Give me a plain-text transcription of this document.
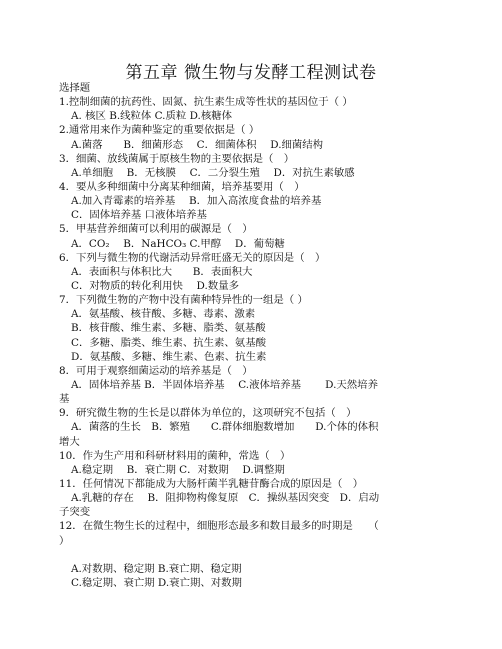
第五章 微生物与发酵工程测试卷
选择题
1.控制细菌的抗药性、固氮、抗生素生成等性状的基因位于（ ）
A. 核区 B.线粒体 C.质粒 D.核糖体
2.通常用来作为菌种鉴定的重要依据是（ ）
A.菌落　　B．细菌形态　 C．细菌体积　 D.细菌结构
3．细菌、放线菌属于原核生物的主要依据是（　）
A.单细胞　 B．无核膜　 C．二分裂生殖　 D．对抗生素敏感
4．要从多种细菌中分离某种细菌，培养基要用（　）
A.加入青霉素的培养基　 B．加入高浓度食盐的培养基
C．固体培养基 口液体培养基
5．甲基营养细菌可以利用的碳源是（　）
A．CO₂　 B．NaHCO₃ C.甲醇　 D．葡萄糖
6．下列与微生物的代谢活动异常旺盛无关的原因是（　）
A．表面积与体积比大　　B．表面积大
C．对物质的转化利用快　 D.数量多
7．下列微生物的产物中没有菌种特异性的一组是（ ）
A．氨基酸、核苷酸、多糖、毒素、激素
B．核苷酸、维生素、多糖、脂类、氨基酸
C．多糖、脂类、维生素、抗生素、氨基酸
D．氨基酸、多糖、维生素、色素、抗生素
8．可用于观察细菌运动的培养基是（　）
A．固体培养基 B．半固体培养基　 C.液体培养基　　 D.天然培养
基
9．研究微生物的生长是以群体为单位的，这项研究不包括（　）
A．菌落的生长　B．繁殖　　C.群体细胞数增加　　D.个体的体积
增大
10．作为生产用和科研材料用的菌种，常选（　）
A.稳定期　 B．衰亡期 C．对数期　 D.调整期
11．任何情况下都能成为大肠杆菌半乳糖苷酶合成的原因是（　）
A.乳糖的存在　 B．阻抑物构像复原　C．操纵基因突变　D．启动
子突变
12．在微生物生长的过程中，细胞形态最多和数目最多的时期是　　（
）
A.对数期、稳定期 B.衰亡期、稳定期
C.稳定期、衰亡期 D.衰亡期、对数期
